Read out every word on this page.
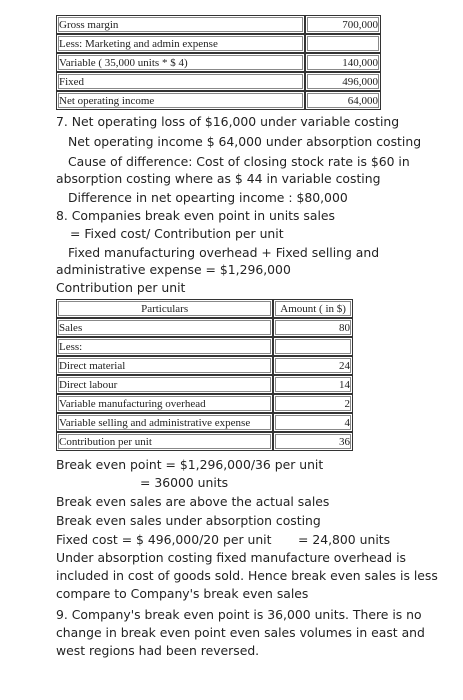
Gross margin	700,000
Less: Marketing and admin expense	
Variable ( 35,000 units * $ 4)	140,000
Fixed	496,000
Net operating income	64,000
7. Net operating loss of $16,000 under variable costing
Net operating income $ 64,000 under absorption costing
Cause of difference: Cost of closing stock rate is $60 in
absorption costing where as $ 44 in variable costing
Difference in net opearting income : $80,000
8. Companies break even point in units sales
= Fixed cost/ Contribution per unit
Fixed manufacturing overhead + Fixed selling and
administrative expense = $1,296,000
Contribution per unit
Particulars	Amount ( in $)
Sales	80
Less:	
Direct material	24
Direct labour	14
Variable manufacturing overhead	2
Variable selling and administrative expense	4
Contribution per unit	36
Break even point = $1,296,000/36 per unit
= 36000 units
Break even sales are above the actual sales
Break even sales under absorption costing
Fixed cost = $ 496,000/20 per unit = 24,800 units
Under absorption costing fixed manufacture overhead is
included in cost of goods sold. Hence break even sales is less
compare to Company's break even sales
9. Company's break even point is 36,000 units. There is no
change in break even point even sales volumes in east and
west regions had been reversed.
